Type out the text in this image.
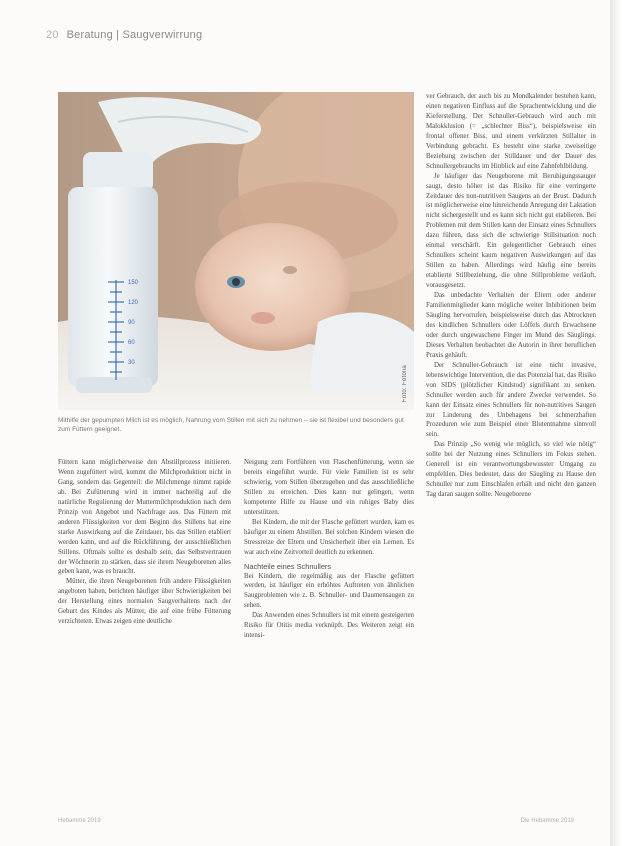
20 Beratung | Saugverwirrung
150
120
90
60
30
Foto: Fotolia
Mithilfe der gepumpten Milch ist es möglich, Nahrung vom Stillen mit sich zu nehmen – sie ist flexibel und besonders gut zum Füttern geeignet.

Füttern kann möglicherweise den Abstillprozess initiieren. Wenn zugefüttert wird, kommt die Milchproduktion nicht in Gang, sondern das Gegenteil: die Milchmenge nimmt rapide ab. Bei Zufütterung wird in immer nachteilig auf die natürliche Regulierung der Muttermilchproduktion nach dem Prinzip von Angebot und Nachfrage aus. Das Füttern mit anderen Flüssigkeiten vor dem Beginn des Stillens hat eine starke Auswirkung auf die Zeitdauer, bis das Stillen etabliert werden kann, und auf die Rückführung, der ausschließlichen Stillens. Oftmals sollte es deshalb sein, das Selbstvertrauen der Wöchnerin zu stärken, dass sie ihrem Neugeborenen alles geben kann, was es braucht.

Mütter, die ihren Neugeborenen früh andere Flüssigkeiten angeboten haben, berichten häufiger über Schwierigkeiten bei der Herstellung eines normalen Saugverhaltens nach der Geburt des Kindes als Mütter, die auf eine frühe Fütterung verzichteten. Etwas zeigen eine deutliche

Neigung zum Fortführen von Flaschenfütterung, wenn sie bereits eingeführt wurde. Für viele Familien ist es sehr schwierig, vom Stillen überzugehen und das ausschließliche Stillen zu erreichen. Dies kann nur gelingen, wenn kompetente Hilfe zu Hause und ein ruhiges Baby dies unterstützen.

Bei Kindern, die mit der Flasche gefüttert wurden, kam es häufiger zu einem Abstillen. Bei solchen Kindern wiesen die Stressreize der Eltern und Unsicherheit über ein Lernen. Es war auch eine Zeitvorteil deutlich zu erkennen.

Nachteile eines Schnullers

Bei Kindern, die regelmäßig aus der Flasche gefüttert werden, ist häufiger ein erhöhtes Auftreten von ähnlichen Saugproblemen wie z. B. Schnuller- und Daumensaugen zu sehen.

Das Anwenden eines Schnullers ist mit einem gesteigerten Risiko für Otitis media verknüpft. Des Weiteren zeigt ein intensi-

ver Gebrauch, der auch bis zu Mondkalender bestehen kann, einen negativen Einfluss auf die Sprachentwicklung und die Kieferstellung. Der Schnuller-Gebrauch wird auch mit Malokklusion (= „schlechter Biss“), beispielsweise ein frontal offener Biss, und einem verkürzten Stillalter in Verbindung gebracht. Es besteht eine starke zweiseitige Beziehung zwischen der Stilldauer und der Dauer des Schnullergebrauchs im Hinblick auf eine Zahnfehlbildung.

Je häufiger das Neugeborene mit Beruhigungssauger saugt, desto höher ist das Risiko für eine verringerte Zeitdauer des non-nutritiven Saugens an der Brust. Dadurch ist möglicherweise eine hinreichende Anregung der Laktation nicht sichergestellt und es kann sich nicht gut etablieren. Bei Problemen mit dem Stillen kann der Einsatz eines Schnullers dazu führen, dass sich die schwierige Stillsituation noch einmal verschärft. Ein gelegentlicher Gebrauch eines Schnullers scheint kaum negativen Auswirkungen auf das Stillen zu haben. Allerdings wird häufig eine bereits etablierte Stillbeziehung, die ohne Stillprobleme verläuft, vorausgesetzt.

Das unbedachte Verhalten der Eltern oder anderer Familienmitglieder kann mögliche weiter Inhibitionen beim Säugling hervorrufen, beispielsweise durch das Abtrocknen des kindlichen Schnullers oder Löffels durch Erwachsene oder durch ungewaschene Finger im Mund des Säuglings. Dieses Verhalten beobachtet die Autorin in ihrer beruflichen Praxis gehäuft.

Der Schnuller-Gebrauch ist eine nicht invasive, lebenswichtige Intervention, die das Potenzial hat, das Risiko von SIDS (plötzlicher Kindstod) signifikant zu senken. Schnuller werden auch für andere Zwecke verwendet. So kann der Einsatz eines Schnullers für non-nutritives Saugen zur Linderung des Unbehagens bei schmerzhaften Prozeduren wie zum Beispiel einer Blutentnahme sinnvoll sein.

Das Prinzip „So wenig wie möglich, so viel wie nötig“ sollte bei der Nutzung eines Schnullers im Fokus stehen. Generell ist ein verantwortungsbewusster Umgang zu empfehlen. Dies bedeutet, dass der Säugling zu Hause den Schnuller nur zum Einschlafen erhält und nicht den ganzen Tag daran saugen sollte. Neugeborene

Hebamme 2019	Die Hebamme 2019
